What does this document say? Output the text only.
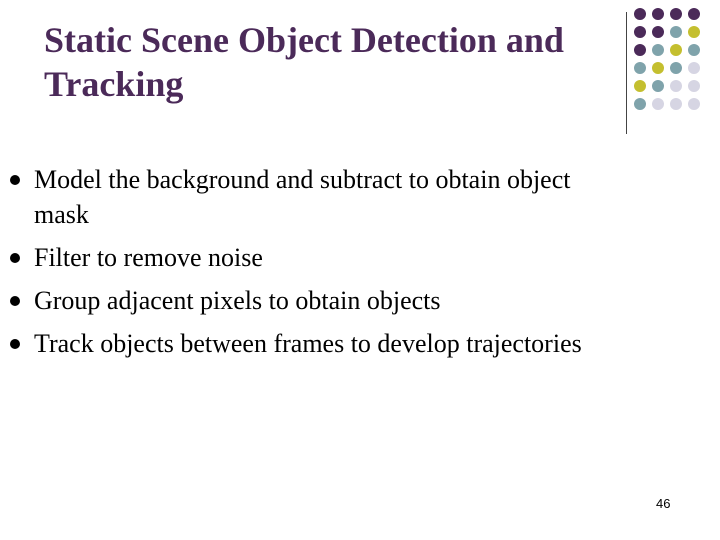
Static Scene Object Detection and Tracking
Model the background and subtract to obtain object mask
Filter to remove noise
Group adjacent pixels to obtain objects
Track objects between frames to develop trajectories
46
